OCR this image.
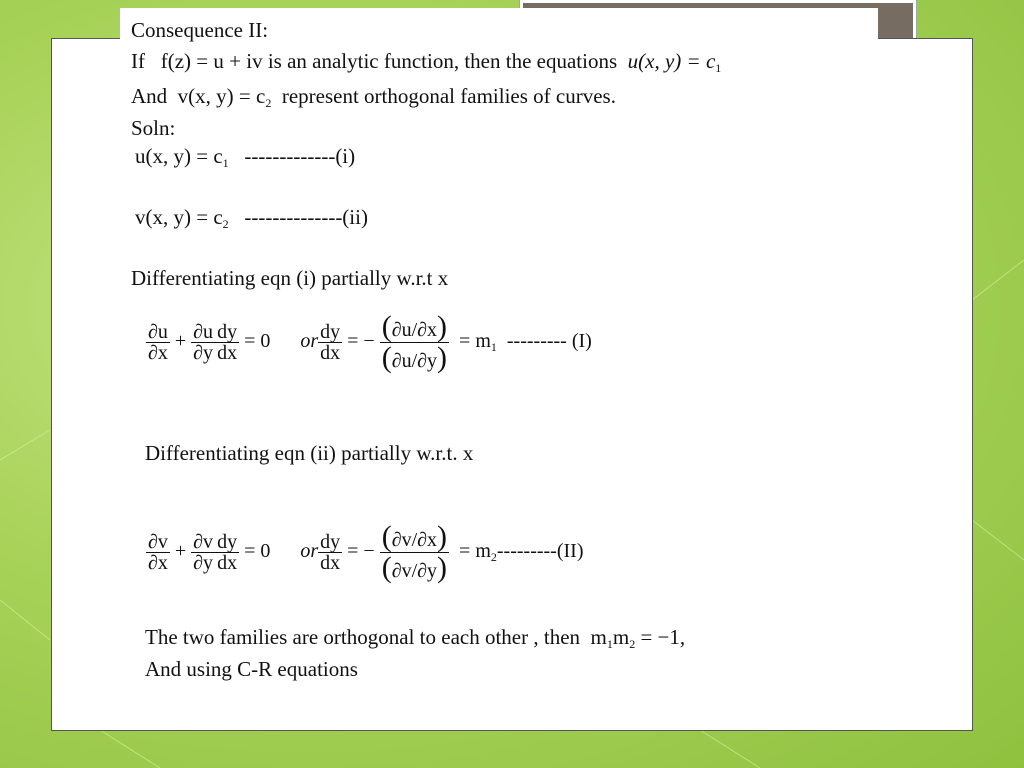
Consequence II:
If f(z) = u + iv is an analytic function, then the equations u(x, $y) = c_1$
And v(x, $y) = c_2$ represent orthogonal families of curves.
Soln:
u(x, $y) = c_1$ -------------(i)
v(x, $y) = c_2$ --------------(ii)
Differentiating eqn (i) partially w.r.t x
$\frac{\partial u}{\partial x} + \frac{\partial u}{\partial y} \frac{dy}{dx} = 0$ or $\frac{dy}{dx}$ = − $\frac{(\partial u/\partial x)}{(\partial u/\partial y)} = m_1$ --------- (I)
Differentiating eqn (ii) partially w.r.t. x
$\frac{\partial v}{\partial x} + \frac{\partial v}{\partial y} \frac{dy}{dx} = 0$ or $\frac{dy}{dx}$ = − $\frac{(\partial v/\partial x)}{(\partial v/\partial y)} = m_2---------(II)$
The two families are orthogonal to each other , then $m_1m_2 = -1$,
And using C-R equations
